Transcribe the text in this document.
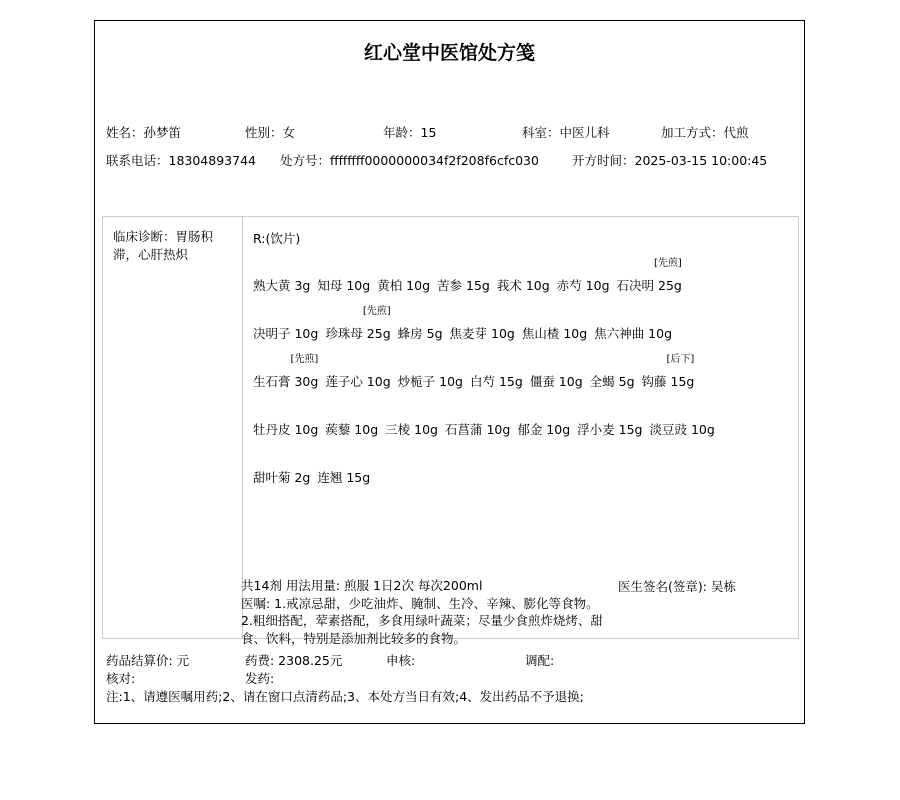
红心堂中医馆处方笺
姓名：孙梦笛	性别：女	年龄：15	科室：中医儿科	加工方式：代煎
联系电话：18304893744 处方号：ffffffff0000000034f2f208f6cfc030	开方时间：2025-03-15 10:00:45
临床诊断：胃肠积滞，心肝热炽
R:(饮片)
熟大黄 3g 知母 10g 黄柏 10g 苦参 15g 莪术 10g 赤芍 10g 石决明 25g
[先煎]
决明子 10g 珍珠母 25g
[先煎]
蜂房 5g 焦麦芽 10g 焦山楂 10g 焦六神曲 10g
生石膏 30g
[先煎]
莲子心 10g 炒栀子 10g 白芍 15g 僵蚕 10g 全蝎 5g 钩藤 15g
[后下]
牡丹皮 10g 蒺藜 10g 三棱 10g 石菖蒲 10g 郁金 10g 浮小麦 15g 淡豆豉 10g
甜叶菊 2g 连翘 15g
共14剂 用法用量: 煎服 1日2次 每次200ml
医嘱: 1.戒凉忌甜，少吃油炸、腌制、生冷、辛辣、膨化等食物。
2.粗细搭配，荤素搭配，多食用绿叶蔬菜；尽量少食煎炸烧烤、甜食、饮料，特别是添加剂比较多的食物。
医生签名(签章): 吴栋
药品结算价: 元	药费: 2308.25元	申核:	调配:
核对:	发药:
注:1、请遵医嘱用药;2、请在窗口点清药品;3、本处方当日有效;4、发出药品不予退换;
